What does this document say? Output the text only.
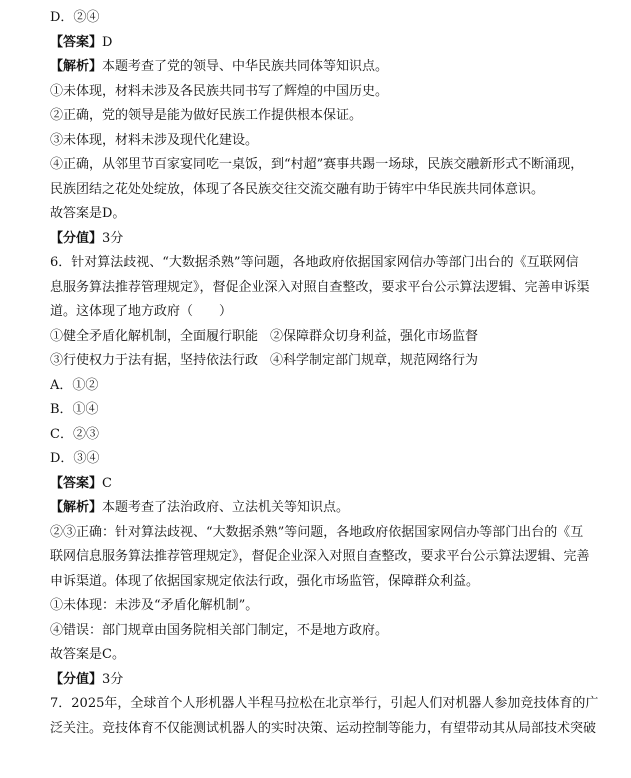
D．②④
【答案】D
【解析】本题考查了党的领导、中华民族共同体等知识点。
①未体现，材料未涉及各民族共同书写了辉煌的中国历史。
②正确，党的领导是能为做好民族工作提供根本保证。
③未体现，材料未涉及现代化建设。
④正确，从邻里节百家宴同吃一桌饭，到“村超”赛事共踢一场球，民族交融新形式不断涌现，
民族团结之花处处绽放，体现了各民族交往交流交融有助于铸牢中华民族共同体意识。
故答案是D。
【分值】3分
6．针对算法歧视、“大数据杀熟”等问题，各地政府依据国家网信办等部门出台的《互联网信
息服务算法推荐管理规定》，督促企业深入对照自查整改，要求平台公示算法逻辑、完善申诉渠
道。这体现了地方政府（　　）
①健全矛盾化解机制，全面履行职能 ②保障群众切身利益，强化市场监督
③行使权力于法有据，坚持依法行政 ④科学制定部门规章，规范网络行为
A．①②
B．①④
C．②③
D．③④
【答案】C
【解析】本题考查了法治政府、立法机关等知识点。
②③正确：针对算法歧视、“大数据杀熟”等问题，各地政府依据国家网信办等部门出台的《互
联网信息服务算法推荐管理规定》，督促企业深入对照自查整改，要求平台公示算法逻辑、完善
申诉渠道。体现了依据国家规定依法行政，强化市场监管，保障群众利益。
①未体现：未涉及“矛盾化解机制”。
④错误：部门规章由国务院相关部门制定，不是地方政府。
故答案是C。
【分值】3分
7．2025年，全球首个人形机器人半程马拉松在北京举行，引起人们对机器人参加竞技体育的广
泛关注。竞技体育不仅能测试机器人的实时决策、运动控制等能力，有望带动其从局部技术突破
